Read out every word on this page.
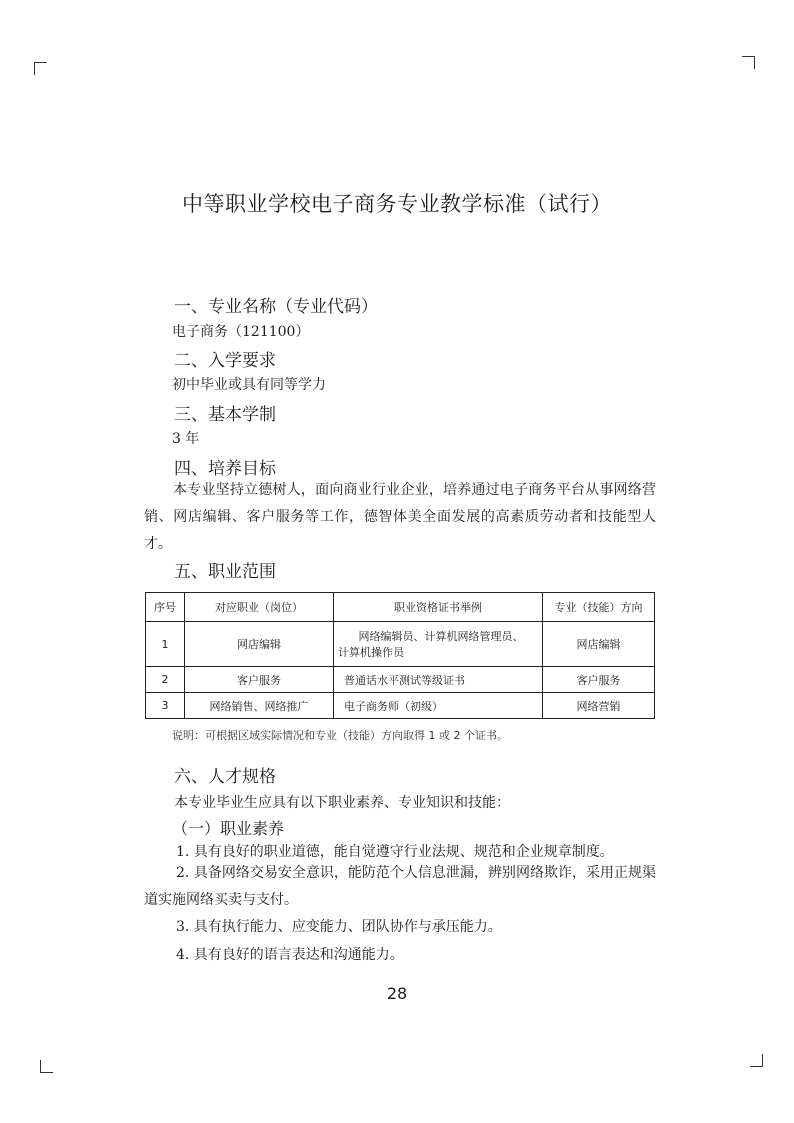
中等职业学校电子商务专业教学标准（试行）
一、专业名称（专业代码）
电子商务（121100）
二、入学要求
初中毕业或具有同等学力
三、基本学制
3 年
四、培养目标
本专业坚持立德树人，面向商业行业企业，培养通过电子商务平台从事网络营销、网店编辑、客户服务等工作，德智体美全面发展的高素质劳动者和技能型人才。
五、职业范围
序号	对应职业（岗位）	职业资格证书举例	专业（技能）方向
1	网店编辑	网络编辑员、计算机网络管理员、
计算机操作员	网店编辑
2	客户服务	普通话水平测试等级证书	客户服务
3	网络销售、网络推广	电子商务师（初级）	网络营销
说明：可根据区域实际情况和专业（技能）方向取得 1 或 2 个证书。
六、人才规格
本专业毕业生应具有以下职业素养、专业知识和技能：
（一）职业素养
1. 具有良好的职业道德，能自觉遵守行业法规、规范和企业规章制度。
2. 具备网络交易安全意识，能防范个人信息泄漏，辨别网络欺诈，采用正规渠道实施网络买卖与支付。
3. 具有执行能力、应变能力、团队协作与承压能力。
4. 具有良好的语言表达和沟通能力。
28
